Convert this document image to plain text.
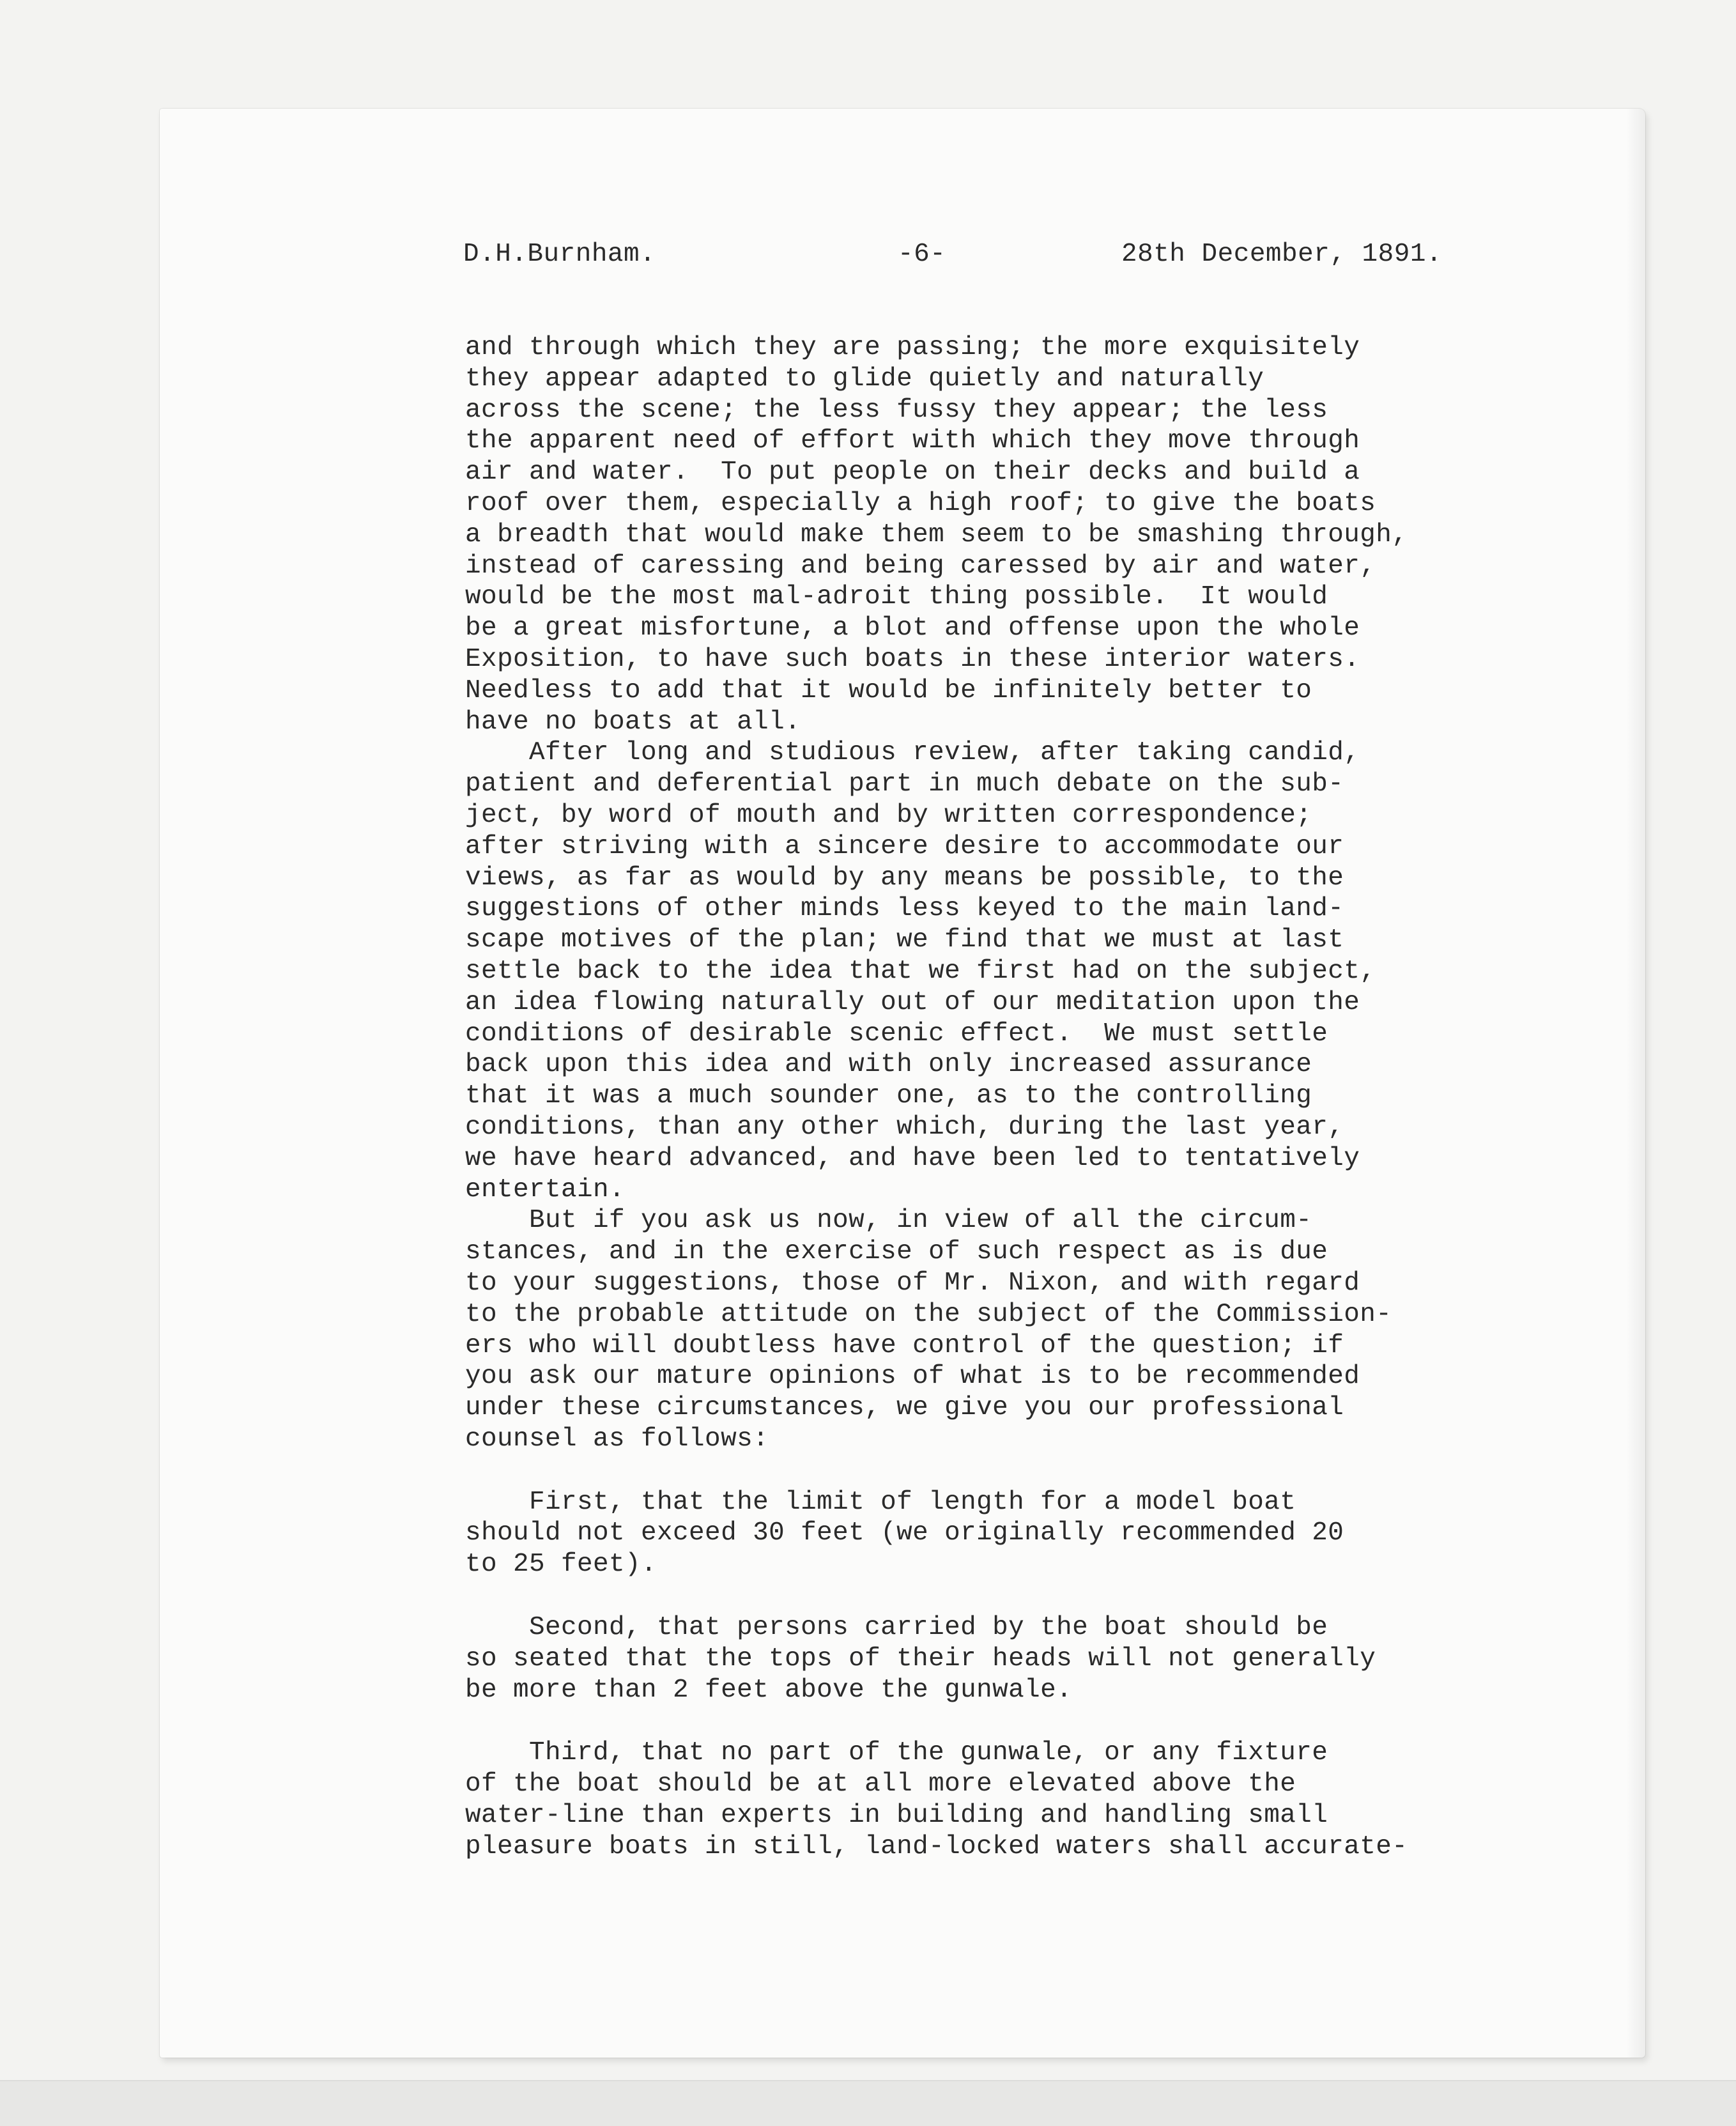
D.H.Burnham.

	-6-

	28th December, 1891.

and through which they are passing; the more exquisitely
they appear adapted to glide quietly and naturally
across the scene; the less fussy they appear; the less
the apparent need of effort with which they move through
air and water.  To put people on their decks and build a
roof over them, especially a high roof; to give the boats
a breadth that would make them seem to be smashing through,
instead of caressing and being caressed by air and water,
would be the most mal-adroit thing possible.  It would
be a great misfortune, a blot and offense upon the whole
Exposition, to have such boats in these interior waters.
Needless to add that it would be infinitely better to
have no boats at all.
After long and studious review, after taking candid,
patient and deferential part in much debate on the sub-
ject, by word of mouth and by written correspondence;
after striving with a sincere desire to accommodate our
views, as far as would by any means be possible, to the
suggestions of other minds less keyed to the main land-
scape motives of the plan; we find that we must at last
settle back to the idea that we first had on the subject,
an idea flowing naturally out of our meditation upon the
conditions of desirable scenic effect.  We must settle
back upon this idea and with only increased assurance
that it was a much sounder one, as to the controlling
conditions, than any other which, during the last year,
we have heard advanced, and have been led to tentatively
entertain.
But if you ask us now, in view of all the circum-
stances, and in the exercise of such respect as is due
to your suggestions, those of Mr. Nixon, and with regard
to the probable attitude on the subject of the Commission-
ers who will doubtless have control of the question; if
you ask our mature opinions of what is to be recommended
under these circumstances, we give you our professional
counsel as follows:
First, that the limit of length for a model boat
should not exceed 30 feet (we originally recommended 20
to 25 feet).
Second, that persons carried by the boat should be
so seated that the tops of their heads will not generally
be more than 2 feet above the gunwale.
Third, that no part of the gunwale, or any fixture
of the boat should be at all more elevated above the
water-line than experts in building and handling small
pleasure boats in still, land-locked waters shall accurate-
